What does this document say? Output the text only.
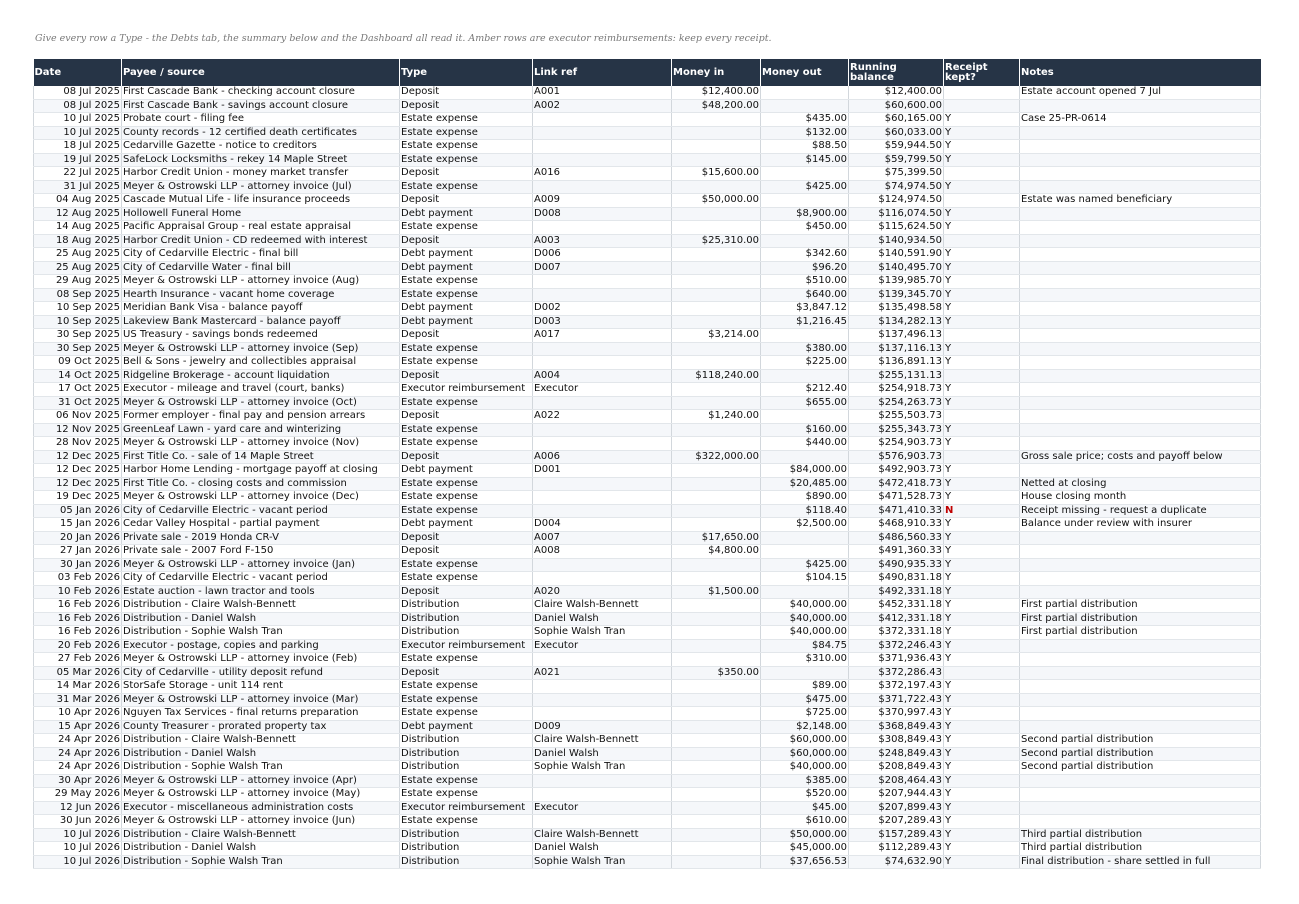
Give every row a Type - the Debts tab, the summary below and the Dashboard all read it. Amber rows are executor reimbursements: keep every receipt.
Date	Payee / source	Type	Link ref	Money in	Money out	Running balance	Receipt kept?	Notes
08 Jul 2025	First Cascade Bank - checking account closure	Deposit	A001	$12,400.00		$12,400.00		Estate account opened 7 Jul
08 Jul 2025	First Cascade Bank - savings account closure	Deposit	A002	$48,200.00		$60,600.00		
10 Jul 2025	Probate court - filing fee	Estate expense			$435.00	$60,165.00	Y	Case 25-PR-0614
10 Jul 2025	County records - 12 certified death certificates	Estate expense			$132.00	$60,033.00	Y	
18 Jul 2025	Cedarville Gazette - notice to creditors	Estate expense			$88.50	$59,944.50	Y	
19 Jul 2025	SafeLock Locksmiths - rekey 14 Maple Street	Estate expense			$145.00	$59,799.50	Y	
22 Jul 2025	Harbor Credit Union - money market transfer	Deposit	A016	$15,600.00		$75,399.50		
31 Jul 2025	Meyer & Ostrowski LLP - attorney invoice (Jul)	Estate expense			$425.00	$74,974.50	Y	
04 Aug 2025	Cascade Mutual Life - life insurance proceeds	Deposit	A009	$50,000.00		$124,974.50		Estate was named beneficiary
12 Aug 2025	Hollowell Funeral Home	Debt payment	D008		$8,900.00	$116,074.50	Y	
14 Aug 2025	Pacific Appraisal Group - real estate appraisal	Estate expense			$450.00	$115,624.50	Y	
18 Aug 2025	Harbor Credit Union - CD redeemed with interest	Deposit	A003	$25,310.00		$140,934.50		
25 Aug 2025	City of Cedarville Electric - final bill	Debt payment	D006		$342.60	$140,591.90	Y	
25 Aug 2025	City of Cedarville Water - final bill	Debt payment	D007		$96.20	$140,495.70	Y	
29 Aug 2025	Meyer & Ostrowski LLP - attorney invoice (Aug)	Estate expense			$510.00	$139,985.70	Y	
08 Sep 2025	Hearth Insurance - vacant home coverage	Estate expense			$640.00	$139,345.70	Y	
10 Sep 2025	Meridian Bank Visa - balance payoff	Debt payment	D002		$3,847.12	$135,498.58	Y	
10 Sep 2025	Lakeview Bank Mastercard - balance payoff	Debt payment	D003		$1,216.45	$134,282.13	Y	
30 Sep 2025	US Treasury - savings bonds redeemed	Deposit	A017	$3,214.00		$137,496.13		
30 Sep 2025	Meyer & Ostrowski LLP - attorney invoice (Sep)	Estate expense			$380.00	$137,116.13	Y	
09 Oct 2025	Bell & Sons - jewelry and collectibles appraisal	Estate expense			$225.00	$136,891.13	Y	
14 Oct 2025	Ridgeline Brokerage - account liquidation	Deposit	A004	$118,240.00		$255,131.13		
17 Oct 2025	Executor - mileage and travel (court, banks)	Executor reimbursement	Executor		$212.40	$254,918.73	Y	
31 Oct 2025	Meyer & Ostrowski LLP - attorney invoice (Oct)	Estate expense			$655.00	$254,263.73	Y	
06 Nov 2025	Former employer - final pay and pension arrears	Deposit	A022	$1,240.00		$255,503.73		
12 Nov 2025	GreenLeaf Lawn - yard care and winterizing	Estate expense			$160.00	$255,343.73	Y	
28 Nov 2025	Meyer & Ostrowski LLP - attorney invoice (Nov)	Estate expense			$440.00	$254,903.73	Y	
12 Dec 2025	First Title Co. - sale of 14 Maple Street	Deposit	A006	$322,000.00		$576,903.73		Gross sale price; costs and payoff below
12 Dec 2025	Harbor Home Lending - mortgage payoff at closing	Debt payment	D001		$84,000.00	$492,903.73	Y	
12 Dec 2025	First Title Co. - closing costs and commission	Estate expense			$20,485.00	$472,418.73	Y	Netted at closing
19 Dec 2025	Meyer & Ostrowski LLP - attorney invoice (Dec)	Estate expense			$890.00	$471,528.73	Y	House closing month
05 Jan 2026	City of Cedarville Electric - vacant period	Estate expense			$118.40	$471,410.33	N	Receipt missing - request a duplicate
15 Jan 2026	Cedar Valley Hospital - partial payment	Debt payment	D004		$2,500.00	$468,910.33	Y	Balance under review with insurer
20 Jan 2026	Private sale - 2019 Honda CR-V	Deposit	A007	$17,650.00		$486,560.33	Y	
27 Jan 2026	Private sale - 2007 Ford F-150	Deposit	A008	$4,800.00		$491,360.33	Y	
30 Jan 2026	Meyer & Ostrowski LLP - attorney invoice (Jan)	Estate expense			$425.00	$490,935.33	Y	
03 Feb 2026	City of Cedarville Electric - vacant period	Estate expense			$104.15	$490,831.18	Y	
10 Feb 2026	Estate auction - lawn tractor and tools	Deposit	A020	$1,500.00		$492,331.18	Y	
16 Feb 2026	Distribution - Claire Walsh-Bennett	Distribution	Claire Walsh-Bennett		$40,000.00	$452,331.18	Y	First partial distribution
16 Feb 2026	Distribution - Daniel Walsh	Distribution	Daniel Walsh		$40,000.00	$412,331.18	Y	First partial distribution
16 Feb 2026	Distribution - Sophie Walsh Tran	Distribution	Sophie Walsh Tran		$40,000.00	$372,331.18	Y	First partial distribution
20 Feb 2026	Executor - postage, copies and parking	Executor reimbursement	Executor		$84.75	$372,246.43	Y	
27 Feb 2026	Meyer & Ostrowski LLP - attorney invoice (Feb)	Estate expense			$310.00	$371,936.43	Y	
05 Mar 2026	City of Cedarville - utility deposit refund	Deposit	A021	$350.00		$372,286.43		
14 Mar 2026	StorSafe Storage - unit 114 rent	Estate expense			$89.00	$372,197.43	Y	
31 Mar 2026	Meyer & Ostrowski LLP - attorney invoice (Mar)	Estate expense			$475.00	$371,722.43	Y	
10 Apr 2026	Nguyen Tax Services - final returns preparation	Estate expense			$725.00	$370,997.43	Y	
15 Apr 2026	County Treasurer - prorated property tax	Debt payment	D009		$2,148.00	$368,849.43	Y	
24 Apr 2026	Distribution - Claire Walsh-Bennett	Distribution	Claire Walsh-Bennett		$60,000.00	$308,849.43	Y	Second partial distribution
24 Apr 2026	Distribution - Daniel Walsh	Distribution	Daniel Walsh		$60,000.00	$248,849.43	Y	Second partial distribution
24 Apr 2026	Distribution - Sophie Walsh Tran	Distribution	Sophie Walsh Tran		$40,000.00	$208,849.43	Y	Second partial distribution
30 Apr 2026	Meyer & Ostrowski LLP - attorney invoice (Apr)	Estate expense			$385.00	$208,464.43	Y	
29 May 2026	Meyer & Ostrowski LLP - attorney invoice (May)	Estate expense			$520.00	$207,944.43	Y	
12 Jun 2026	Executor - miscellaneous administration costs	Executor reimbursement	Executor		$45.00	$207,899.43	Y	
30 Jun 2026	Meyer & Ostrowski LLP - attorney invoice (Jun)	Estate expense			$610.00	$207,289.43	Y	
10 Jul 2026	Distribution - Claire Walsh-Bennett	Distribution	Claire Walsh-Bennett		$50,000.00	$157,289.43	Y	Third partial distribution
10 Jul 2026	Distribution - Daniel Walsh	Distribution	Daniel Walsh		$45,000.00	$112,289.43	Y	Third partial distribution
10 Jul 2026	Distribution - Sophie Walsh Tran	Distribution	Sophie Walsh Tran		$37,656.53	$74,632.90	Y	Final distribution - share settled in full
